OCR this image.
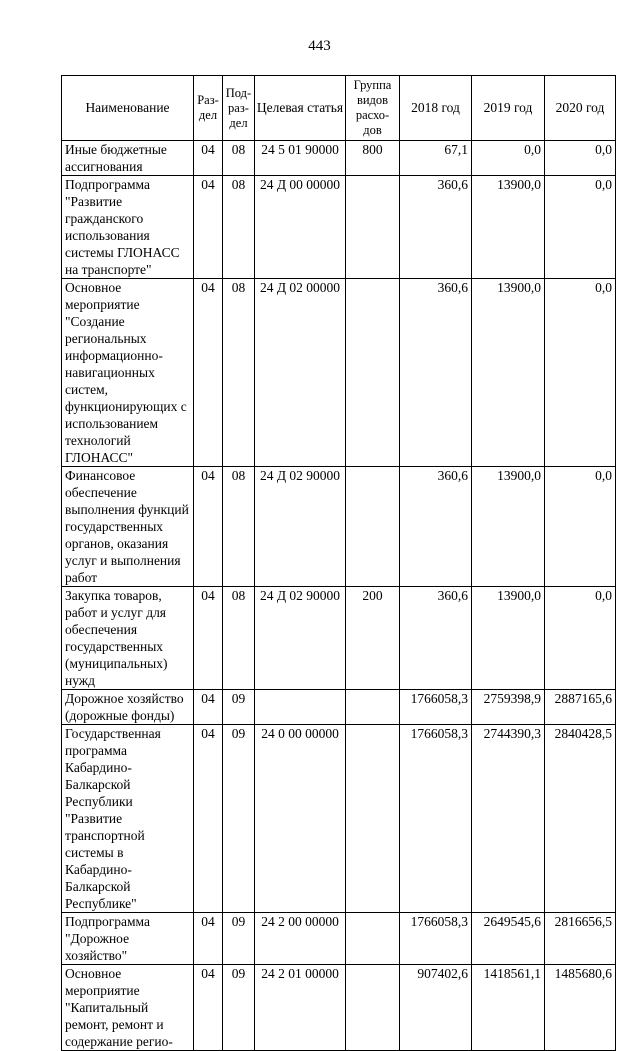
443
Наименование	Раз-дел	Под-раз-дел	Целевая статья	Группа видов расхо-дов	2018 год	2019 год	2020 год
Иные бюджетные ассигнования	04	08	24 5 01 90000	800	67,1	0,0	0,0
Подпрограмма "Развитие гражданского использования системы ГЛОНАСС на транспорте"	04	08	24 Д 00 00000		360,6	13900,0	0,0
Основное мероприятие "Создание региональных информационно-навигационных систем, функционирующих с использованием технологий ГЛОНАСС"	04	08	24 Д 02 00000		360,6	13900,0	0,0
Финансовое обеспечение выполнения функций государственных органов, оказания услуг и выполнения работ	04	08	24 Д 02 90000		360,6	13900,0	0,0
Закупка товаров, работ и услуг для обеспечения государственных (муниципальных) нужд	04	08	24 Д 02 90000	200	360,6	13900,0	0,0
Дорожное хозяйство (дорожные фонды)	04	09			1766058,3	2759398,9	2887165,6
Государственная программа Кабардино-Балкарской Республики "Развитие транспортной системы в Кабардино-Балкарской Республике"	04	09	24 0 00 00000		1766058,3	2744390,3	2840428,5
Подпрограмма "Дорожное хозяйство"	04	09	24 2 00 00000		1766058,3	2649545,6	2816656,5
Основное мероприятие "Капитальный ремонт, ремонт и содержание регио-	04	09	24 2 01 00000		907402,6	1418561,1	1485680,6
